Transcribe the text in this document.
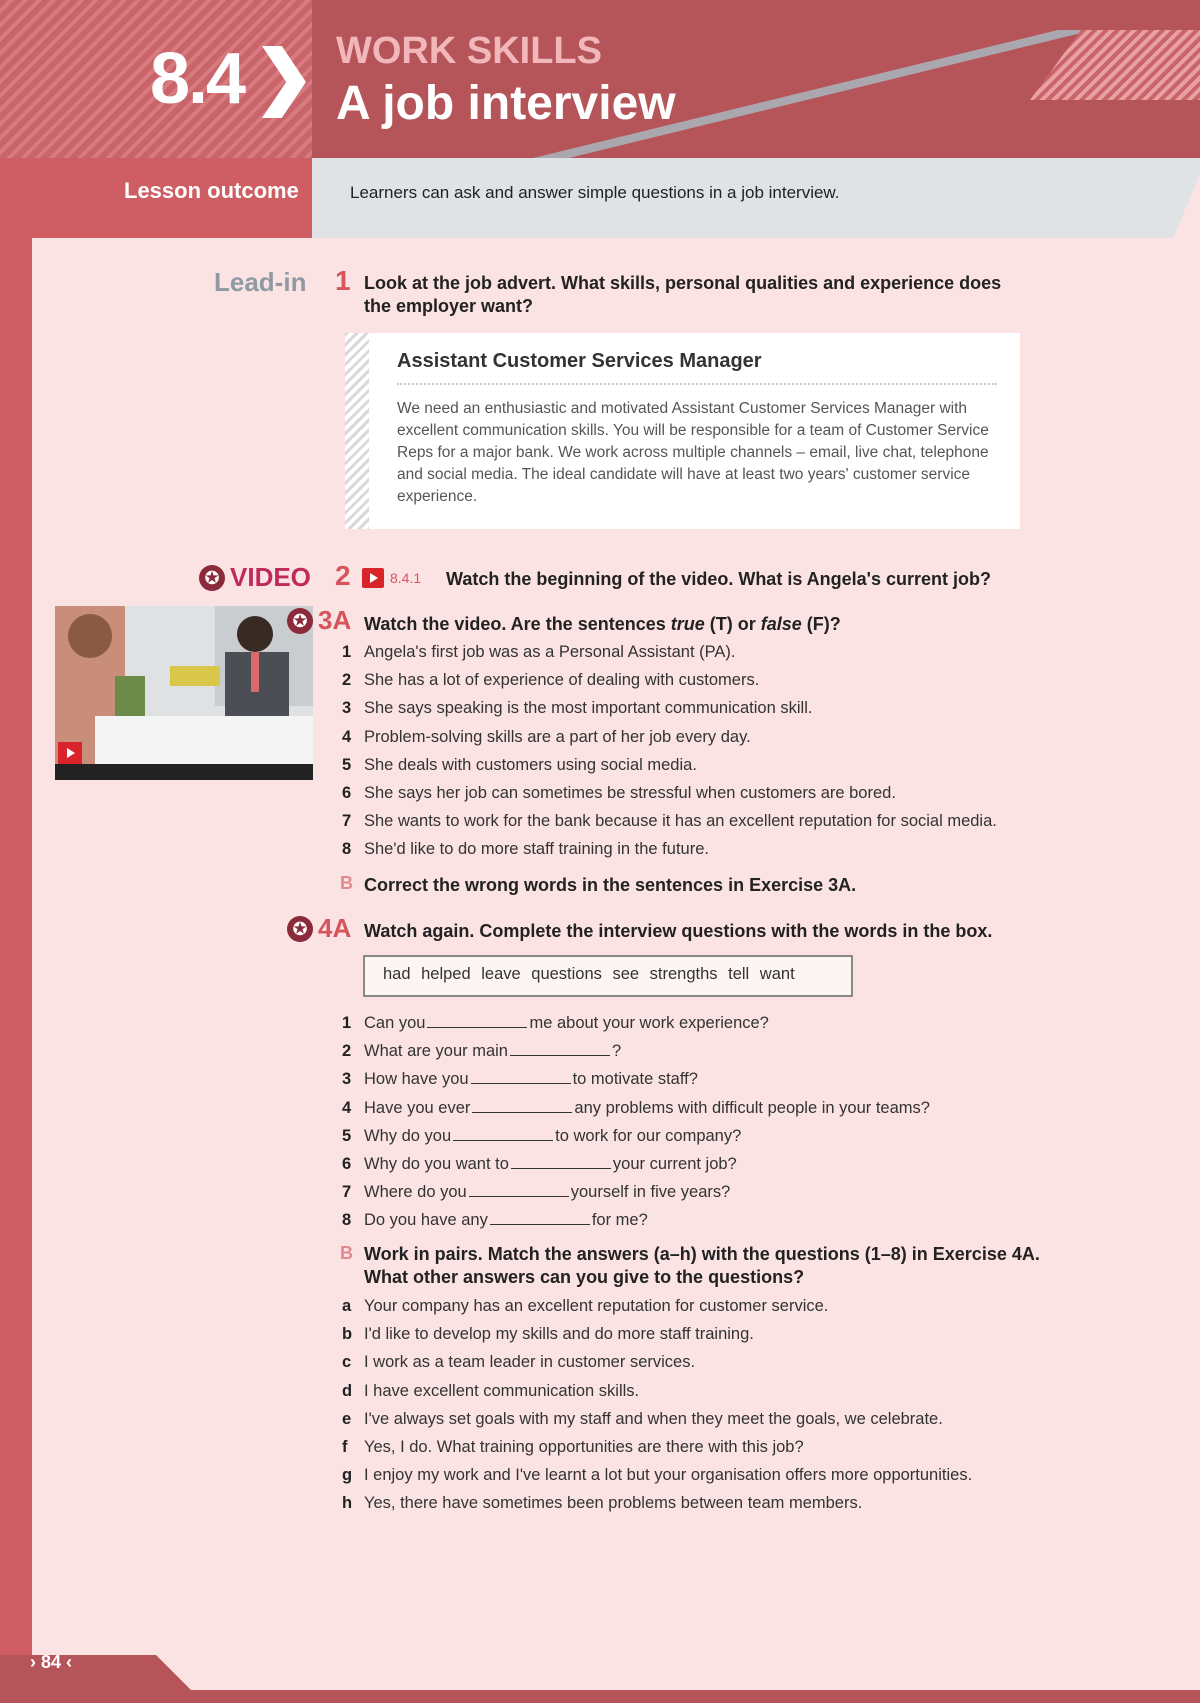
8.4 WORK SKILLS
A job interview
Lesson outcome	Learners can ask and answer simple questions in a job interview.
Lead-in 1 Look at the job advert. What skills, personal qualities and experience does the employer want?
Assistant Customer Services Manager
We need an enthusiastic and motivated Assistant Customer Services Manager with excellent communication skills. You will be responsible for a team of Customer Service Reps for a major bank. We work across multiple channels – email, live chat, telephone and social media. The ideal candidate will have at least two years' customer service experience.
✪ VIDEO 2	8.4.1 Watch the beginning of the video. What is Angela's current job?
✪ 3A Watch the video. Are the sentences true (T) or false (F)?
1 Angela's first job was as a Personal Assistant (PA).
2 She has a lot of experience of dealing with customers.
3 She says speaking is the most important communication skill.
4 Problem-solving skills are a part of her job every day.
5 She deals with customers using social media.
6 She says her job can sometimes be stressful when customers are bored.
7 She wants to work for the bank because it has an excellent reputation for social media.
8 She'd like to do more staff training in the future.
B Correct the wrong words in the sentences in Exercise 3A.
✪ 4A Watch again. Complete the interview questions with the words in the box.
had helped leave questions see strengths tell want
1 Can you	me about your work experience?
2 What are your main	?
3 How have you	to motivate staff?
4 Have you ever	any problems with difficult people in your teams?
5 Why do you	to work for our company?
6 Why do you want to	your current job?
7 Where do you	yourself in five years?
8 Do you have any	for me?
B Work in pairs. Match the answers (a–h) with the questions (1–8) in Exercise 4A.
What other answers can you give to the questions?
a Your company has an excellent reputation for customer service.
b I'd like to develop my skills and do more staff training.
c I work as a team leader in customer services.
d I have excellent communication skills.
e I've always set goals with my staff and when they meet the goals, we celebrate.
f Yes, I do. What training opportunities are there with this job?
g I enjoy my work and I've learnt a lot but your organisation offers more opportunities.
h Yes, there have sometimes been problems between team members.
› 84 ‹
